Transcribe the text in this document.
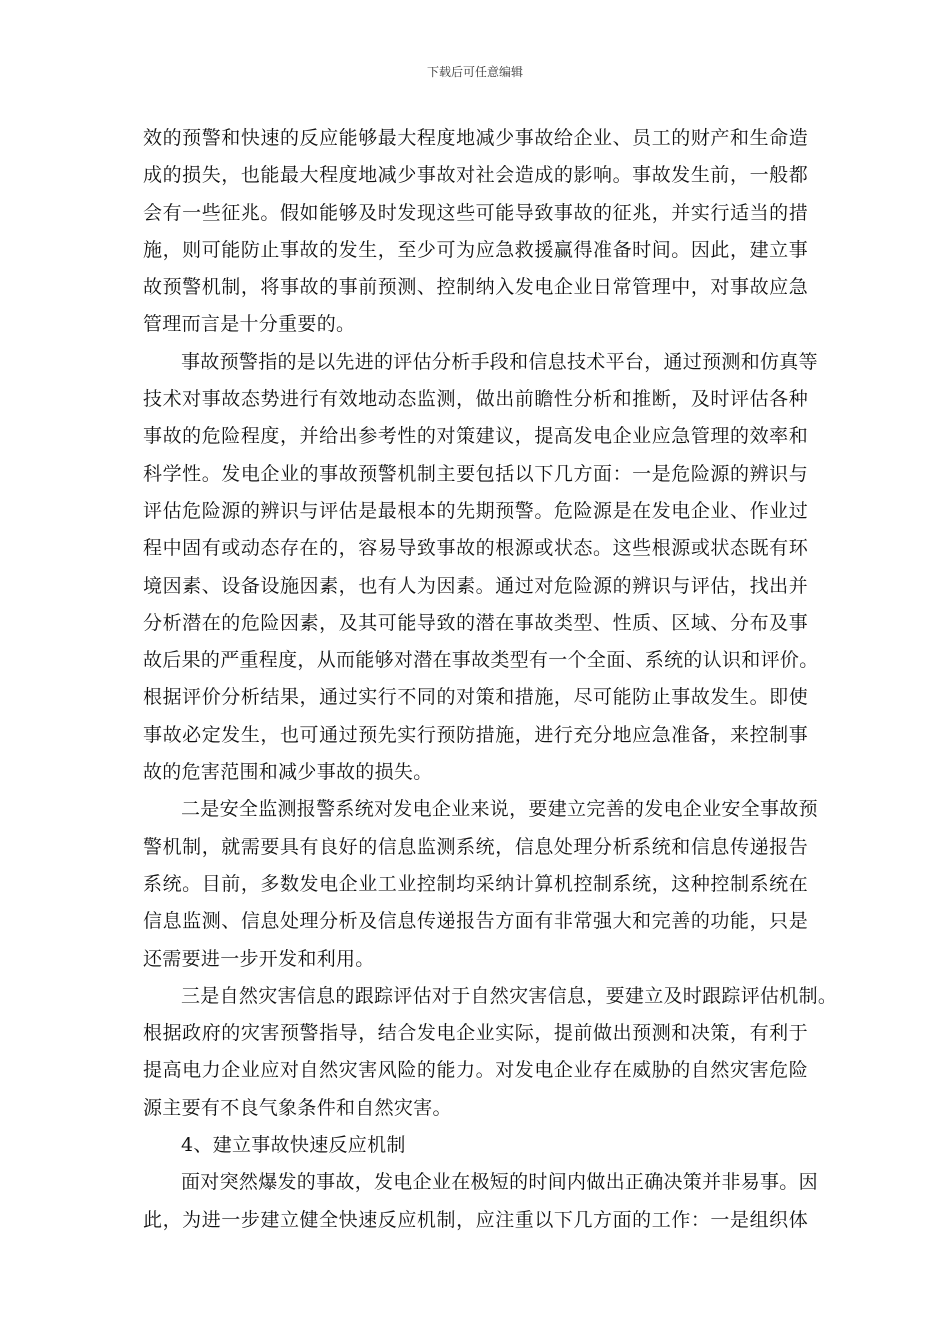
下载后可任意编辑
效的预警和快速的反应能够最大程度地减少事故给企业、员工的财产和生命造
成的损失，也能最大程度地减少事故对社会造成的影响。事故发生前，一般都
会有一些征兆。假如能够及时发现这些可能导致事故的征兆，并实行适当的措
施，则可能防止事故的发生，至少可为应急救援赢得准备时间。因此，建立事
故预警机制，将事故的事前预测、控制纳入发电企业日常管理中，对事故应急
管理而言是十分重要的。
事故预警指的是以先进的评估分析手段和信息技术平台，通过预测和仿真等
技术对事故态势进行有效地动态监测，做出前瞻性分析和推断，及时评估各种
事故的危险程度，并给出参考性的对策建议，提高发电企业应急管理的效率和
科学性。发电企业的事故预警机制主要包括以下几方面：一是危险源的辨识与
评估危险源的辨识与评估是最根本的先期预警。危险源是在发电企业、作业过
程中固有或动态存在的，容易导致事故的根源或状态。这些根源或状态既有环
境因素、设备设施因素，也有人为因素。通过对危险源的辨识与评估，找出并
分析潜在的危险因素，及其可能导致的潜在事故类型、性质、区域、分布及事
故后果的严重程度，从而能够对潜在事故类型有一个全面、系统的认识和评价。
根据评价分析结果，通过实行不同的对策和措施，尽可能防止事故发生。即使
事故必定发生，也可通过预先实行预防措施，进行充分地应急准备，来控制事
故的危害范围和减少事故的损失。
二是安全监测报警系统对发电企业来说，要建立完善的发电企业安全事故预
警机制，就需要具有良好的信息监测系统，信息处理分析系统和信息传递报告
系统。目前，多数发电企业工业控制均采纳计算机控制系统，这种控制系统在
信息监测、信息处理分析及信息传递报告方面有非常强大和完善的功能，只是
还需要进一步开发和利用。
三是自然灾害信息的跟踪评估对于自然灾害信息，要建立及时跟踪评估机制。
根据政府的灾害预警指导，结合发电企业实际，提前做出预测和决策，有利于
提高电力企业应对自然灾害风险的能力。对发电企业存在威胁的自然灾害危险
源主要有不良气象条件和自然灾害。
4、建立事故快速反应机制
面对突然爆发的事故，发电企业在极短的时间内做出正确决策并非易事。因
此，为进一步建立健全快速反应机制，应注重以下几方面的工作：一是组织体
